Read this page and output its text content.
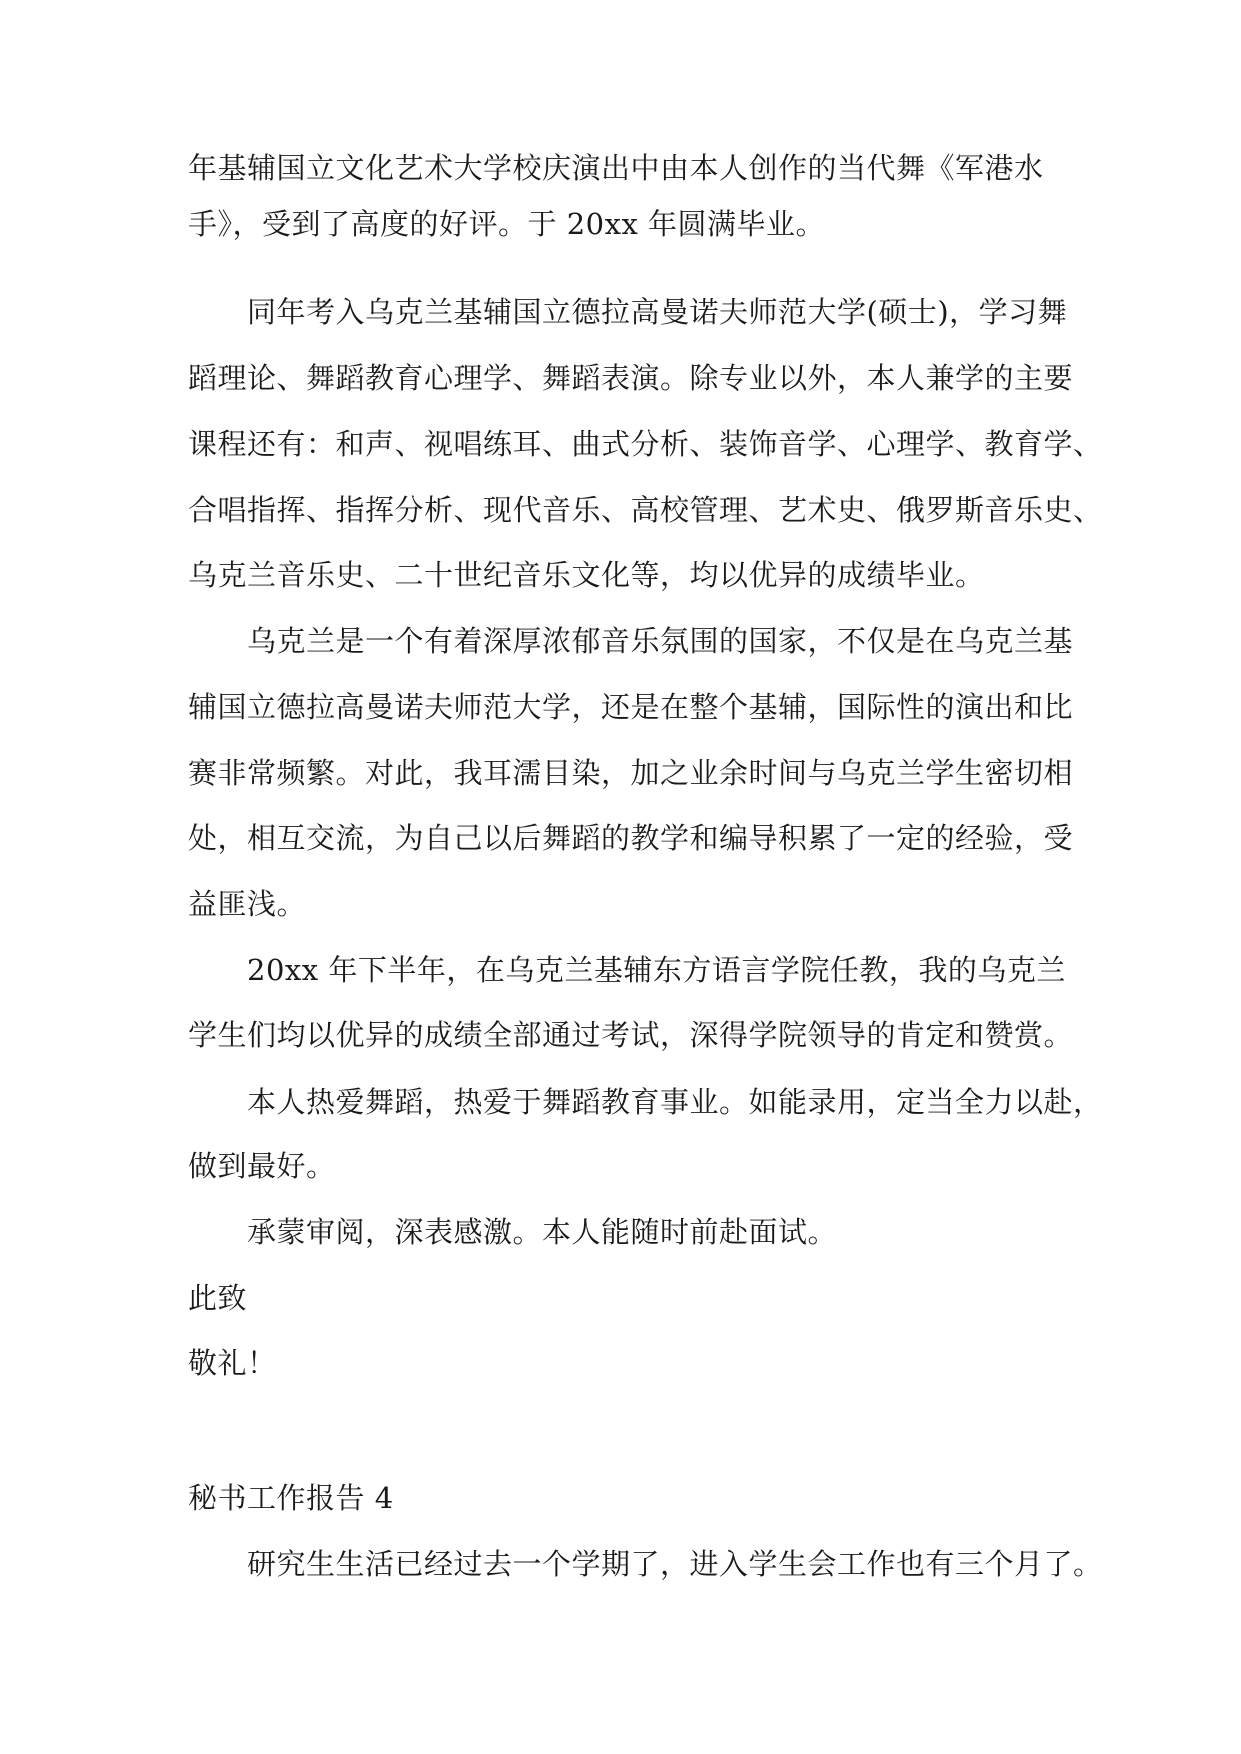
年基辅国立文化艺术大学校庆演出中由本人创作的当代舞《军港水
手》，受到了高度的好评。于 20xx 年圆满毕业。
同年考入乌克兰基辅国立德拉高曼诺夫师范大学(硕士)，学习舞
蹈理论、舞蹈教育心理学、舞蹈表演。除专业以外，本人兼学的主要
课程还有：和声、视唱练耳、曲式分析、装饰音学、心理学、教育学、
合唱指挥、指挥分析、现代音乐、高校管理、艺术史、俄罗斯音乐史、
乌克兰音乐史、二十世纪音乐文化等，均以优异的成绩毕业。
乌克兰是一个有着深厚浓郁音乐氛围的国家，不仅是在乌克兰基
辅国立德拉高曼诺夫师范大学，还是在整个基辅，国际性的演出和比
赛非常频繁。对此，我耳濡目染，加之业余时间与乌克兰学生密切相
处，相互交流，为自己以后舞蹈的教学和编导积累了一定的经验，受
益匪浅。
20xx 年下半年，在乌克兰基辅东方语言学院任教，我的乌克兰
学生们均以优异的成绩全部通过考试，深得学院领导的肯定和赞赏。
本人热爱舞蹈，热爱于舞蹈教育事业。如能录用，定当全力以赴，
做到最好。
承蒙审阅，深表感激。本人能随时前赴面试。
此致
敬礼！
秘书工作报告 4
研究生生活已经过去一个学期了，进入学生会工作也有三个月了。
